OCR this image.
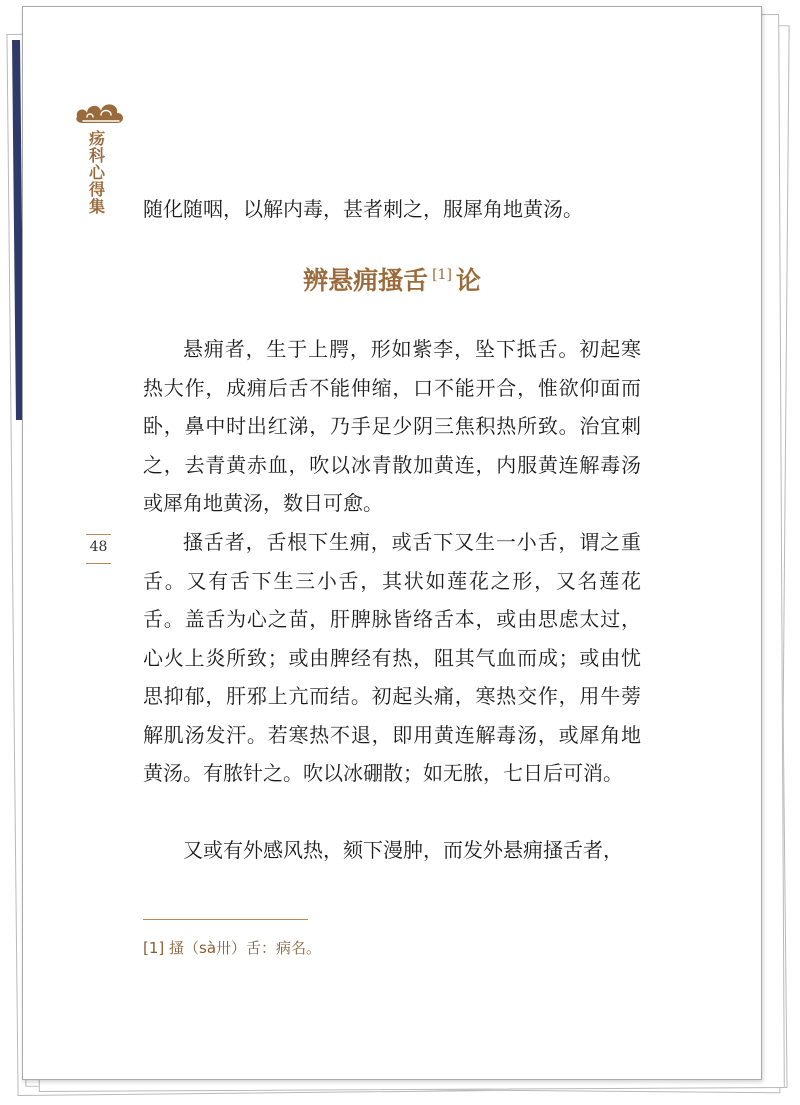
疡科心得集
48
随化随咽，以解内毒，甚者刺之，服犀角地黄汤。
辨悬痈搔舌 [1] 论

悬痈者，生于上腭，形如紫李，坠下抵舌。初起寒热大作，成痈后舌不能伸缩，口不能开合，惟欲仰面而卧，鼻中时出红涕，乃手足少阴三焦积热所致。治宜刺之，去青黄赤血，吹以冰青散加黄连，内服黄连解毒汤或犀角地黄汤，数日可愈。

搔舌者，舌根下生痈，或舌下又生一小舌，谓之重舌。又有舌下生三小舌，其状如莲花之形，又名莲花舌。盖舌为心之苗，肝脾脉皆络舌本，或由思虑太过，心火上炎所致；或由脾经有热，阻其气血而成；或由忧思抑郁，肝邪上亢而结。初起头痛，寒热交作，用牛蒡解肌汤发汗。若寒热不退，即用黄连解毒汤，或犀角地黄汤。有脓针之。吹以冰硼散；如无脓，七日后可消。

又或有外感风热，颏下漫肿，而发外悬痈搔舌者，

[1] 搔（sà卅）舌：病名。
